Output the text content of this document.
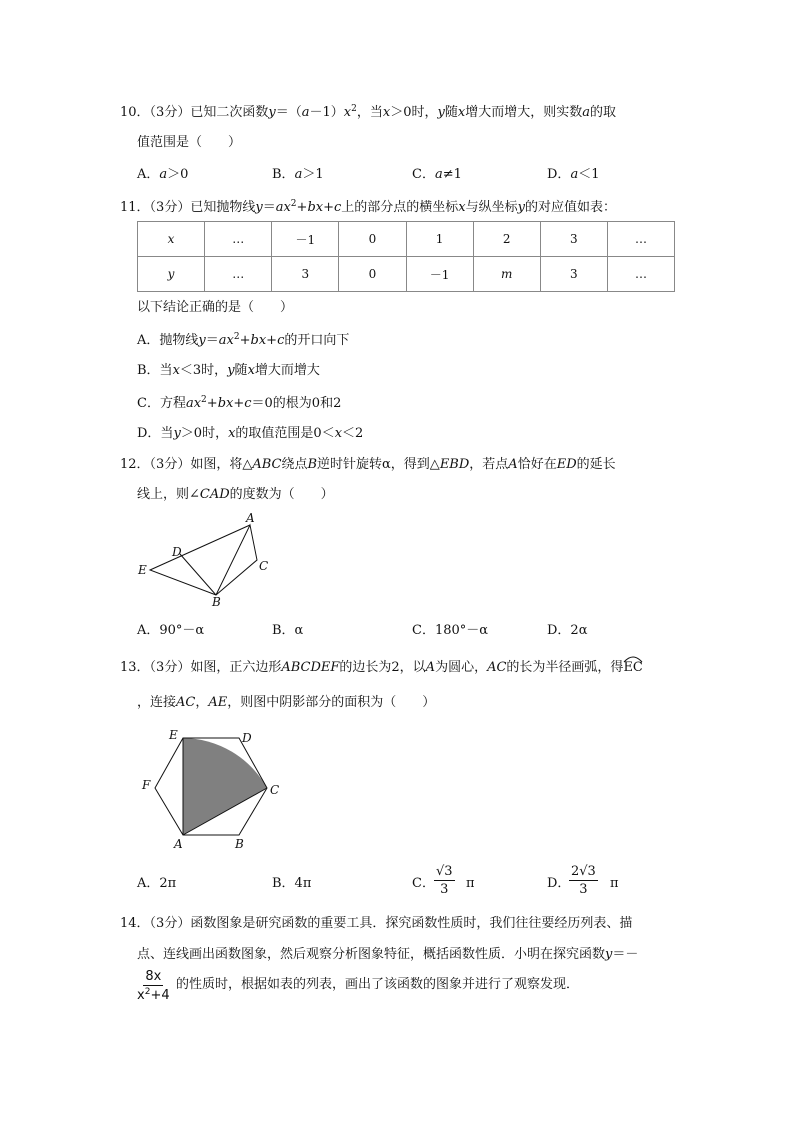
10．（3分）已知二次函数$y=(a-1)x^2$，当x＞0时，y随x增大而增大，则实数a的取
值范围是（　　）
A．a＞0	B．a＞1	C．a≠1	D．a＜1
11．（3分）已知抛物线$y=ax^2+bx+c$上的部分点的横坐标x与纵坐标y的对应值如表：
x	…	－1	0	1	2	3	…
y	…	3	0	－1	m	3	…
以下结论正确的是（　　）
A．抛物线$y=ax^2+bx+c$的开口向下
B．当x＜3时，y随x增大而增大
C．方程$ax^2+bx+c=0$的根为0和2
D．当y＞0时，x的取值范围是0＜x＜2
12．（3分）如图，将△ABC绕点B逆时针旋转α，得到△EBD，若点A恰好在ED的延长
线上，则∠CAD的度数为（　　）
A
C
D
E
B
A．90°－α	B．α	C．180°－α	D．2α
13．（3分）如图，正六边形ABCDEF的边长为2，以A为圆心，AC的长为半径画弧，得
EC
，连接AC，AE，则图中阴影部分的面积为（　　）
E	D
F	C
A	B
A．2π	B．4π	C． $\frac{√3}{3}$ π	D．
$\frac{2√3}{3}$ π
14．（3分）函数图象是研究函数的重要工具．探究函数性质时，我们往往要经历列表、描
点、连线画出函数图象，然后观察分析图象特征，概括函数性质．小明在探究函数y＝－
$\frac{8x}{x^2+4}$ 的性质时，根据如表的列表，画出了该函数的图象并进行了观察发现．
